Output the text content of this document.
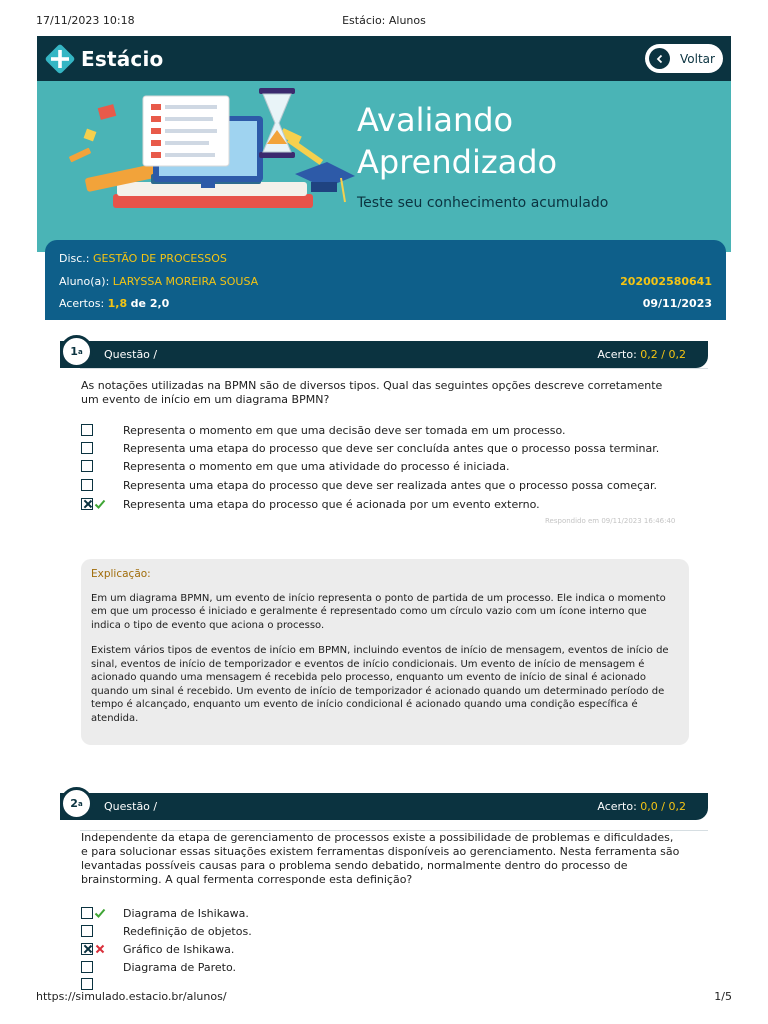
17/11/2023 10:18	Estácio: Alunos
Estácio	Voltar
Avaliando
Aprendizado
Teste seu conhecimento acumulado
Disc.: GESTÃO DE PROCESSOS
Aluno(a): LARYSSA MOREIRA SOUSA	202002580641
Acertos: 1,8 de 2,0	09/11/2023
1 a Questão /	Acerto: 0,2 / 0,2
As notações utilizadas na BPMN são de diversos tipos. Qual das seguintes opções descreve corretamente um evento de início em um diagrama BPMN?
Representa o momento em que uma decisão deve ser tomada em um processo.
Representa uma etapa do processo que deve ser concluída antes que o processo possa terminar.
Representa o momento em que uma atividade do processo é iniciada.
Representa uma etapa do processo que deve ser realizada antes que o processo possa começar.
Representa uma etapa do processo que é acionada por um evento externo.
Respondido em 09/11/2023 16:46:40
Explicação:

Em um diagrama BPMN, um evento de início representa o ponto de partida de um processo. Ele indica o momento em que um processo é iniciado e geralmente é representado como um círculo vazio com um ícone interno que indica o tipo de evento que aciona o processo.

Existem vários tipos de eventos de início em BPMN, incluindo eventos de início de mensagem, eventos de início de sinal, eventos de início de temporizador e eventos de início condicionais. Um evento de início de mensagem é acionado quando uma mensagem é recebida pelo processo, enquanto um evento de início de sinal é acionado quando um sinal é recebido. Um evento de início de temporizador é acionado quando um determinado período de tempo é alcançado, enquanto um evento de início condicional é acionado quando uma condição específica é atendida.

2 a Questão /	Acerto: 0,0 / 0,2
Independente da etapa de gerenciamento de processos existe a possibilidade de problemas e dificuldades, e para solucionar essas situações existem ferramentas disponíveis ao gerenciamento. Nesta ferramenta são levantadas possíveis causas para o problema sendo debatido, normalmente dentro do processo de brainstorming. A qual fermenta corresponde esta definição?
Diagrama de Ishikawa.
Redefinição de objetos.
Gráfico de Ishikawa.
Diagrama de Pareto.
https://simulado.estacio.br/alunos/	1/5
